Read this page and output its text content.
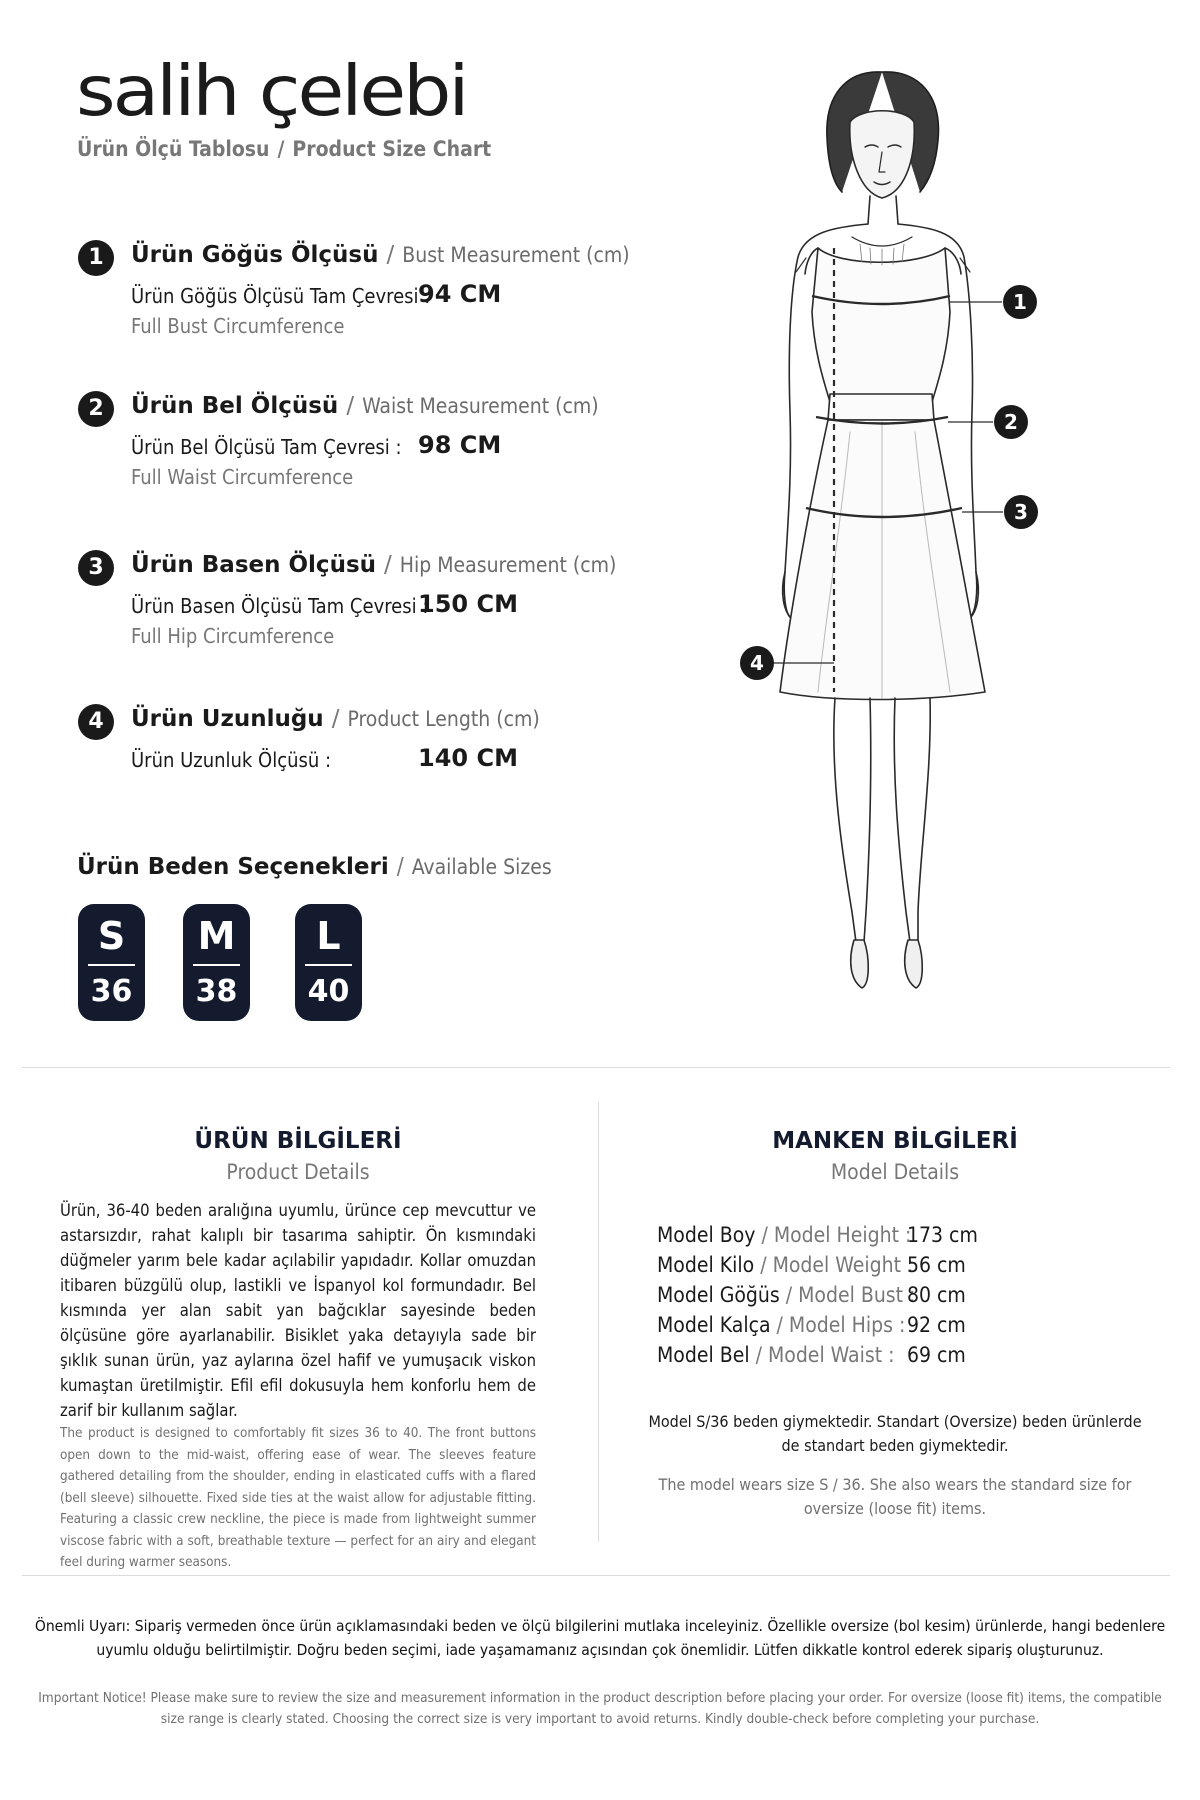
salih çelebi
Ürün Ölçü Tablosu / Product Size Chart
1	Ürün Göğüs Ölçüsü / Bust Measurement (cm)
Ürün Göğüs Ölçüsü Tam Çevresi :
94 CM
Full Bust Circumference
2	Ürün Bel Ölçüsü / Waist Measurement (cm)
Ürün Bel Ölçüsü Tam Çevresi : 98 CM
Full Waist Circumference
3	Ürün Basen Ölçüsü / Hip Measurement (cm)
Ürün Basen Ölçüsü Tam Çevresi :
150 CM
Full Hip Circumference
4	Ürün Uzunluğu / Product Length (cm)
Ürün Uzunluk Ölçüsü :	140 CM
Ürün Beden Seçenekleri / Available Sizes
S
36
M
38
L
40
1
2
3
4
ÜRÜN BİLGİLERİ
Product Details
Ürün, 36-40 beden aralığına uyumlu, ürünce cep mevcuttur ve astarsızdır, rahat kalıplı bir tasarıma sahiptir. Ön kısmındaki düğmeler yarım bele kadar açılabilir yapıdadır. Kollar omuzdan itibaren büzgülü olup, lastikli ve İspanyol kol formundadır. Bel kısmında yer alan sabit yan bağcıklar sayesinde beden ölçüsüne göre ayarlanabilir. Bisiklet yaka detayıyla sade bir şıklık sunan ürün, yaz aylarına özel hafif ve yumuşacık viskon kumaştan üretilmiştir. Efil efil dokusuyla hem konforlu hem de zarif bir kullanım sağlar.
The product is designed to comfortably fit sizes 36 to 40. The front buttons open down to the mid-waist, offering ease of wear. The sleeves feature gathered detailing from the shoulder, ending in elasticated cuffs with a flared (bell sleeve) silhouette. Fixed side ties at the waist allow for adjustable fitting. Featuring a classic crew neckline, the piece is made from lightweight summer viscose fabric with a soft, breathable texture — perfect for an airy and elegant feel during warmer seasons.
MANKEN BİLGİLERİ
Model Details
Model Boy / Model Height :
173 cm
Model Kilo / Model Weight :
56 cm
Model Göğüs / Model Bust :
80 cm
Model Kalça / Model Hips : 92 cm
Model Bel / Model Waist : 69 cm
Model S/36 beden giymektedir. Standart (Oversize) beden ürünlerde de standart beden giymektedir.
The model wears size S / 36. She also wears the standard size for oversize (loose fit) items.
Önemli Uyarı: Sipariş vermeden önce ürün açıklamasındaki beden ve ölçü bilgilerini mutlaka inceleyiniz. Özellikle oversize (bol kesim) ürünlerde, hangi bedenlere uyumlu olduğu belirtilmiştir. Doğru beden seçimi, iade yaşamamanız açısından çok önemlidir. Lütfen dikkatle kontrol ederek sipariş oluşturunuz.
Important Notice! Please make sure to review the size and measurement information in the product description before placing your order. For oversize (loose fit) items, the compatible size range is clearly stated. Choosing the correct size is very important to avoid returns. Kindly double-check before completing your purchase.
